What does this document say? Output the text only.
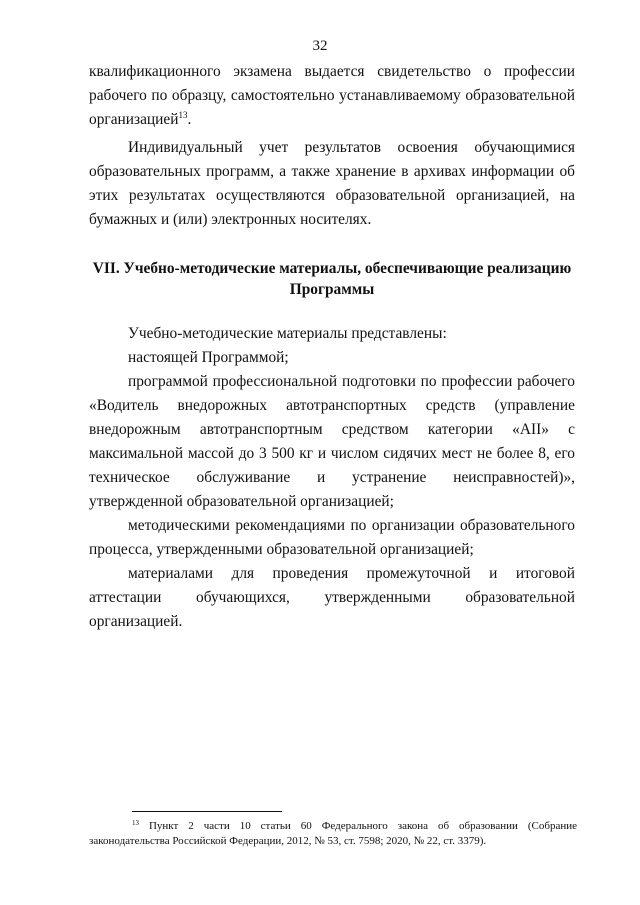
32

квалификационного экзамена выдается свидетельство о профессии рабочего по образцу, самостоятельно устанавливаемому образовательной организацией$^{13}$.

Индивидуальный учет результатов освоения обучающимися образовательных программ, а также хранение в архивах информации об этих результатах осуществляются образовательной организацией, на бумажных и (или) электронных носителях.

VII. Учебно-методические материалы, обеспечивающие реализацию Программы

Учебно-методические материалы представлены:

настоящей Программой;

программой профессиональной подготовки по профессии рабочего «Водитель внедорожных автотранспортных средств (управление внедорожным автотранспортным средством категории «AII» с максимальной массой до 3 500 кг и числом сидячих мест не более 8, его техническое обслуживание и устранение неисправностей)», утвержденной образовательной организацией;

методическими рекомендациями по организации образовательного процесса, утвержденными образовательной организацией;

материалами для проведения промежуточной и итоговой аттестации обучающихся, утвержденными образовательной организацией.

$^{13}$ Пункт 2 части 10 статьи 60 Федерального закона об образовании (Собрание законодательства Российской Федерации, 2012, № 53, ст. 7598; 2020, № 22, ст. 3379).
